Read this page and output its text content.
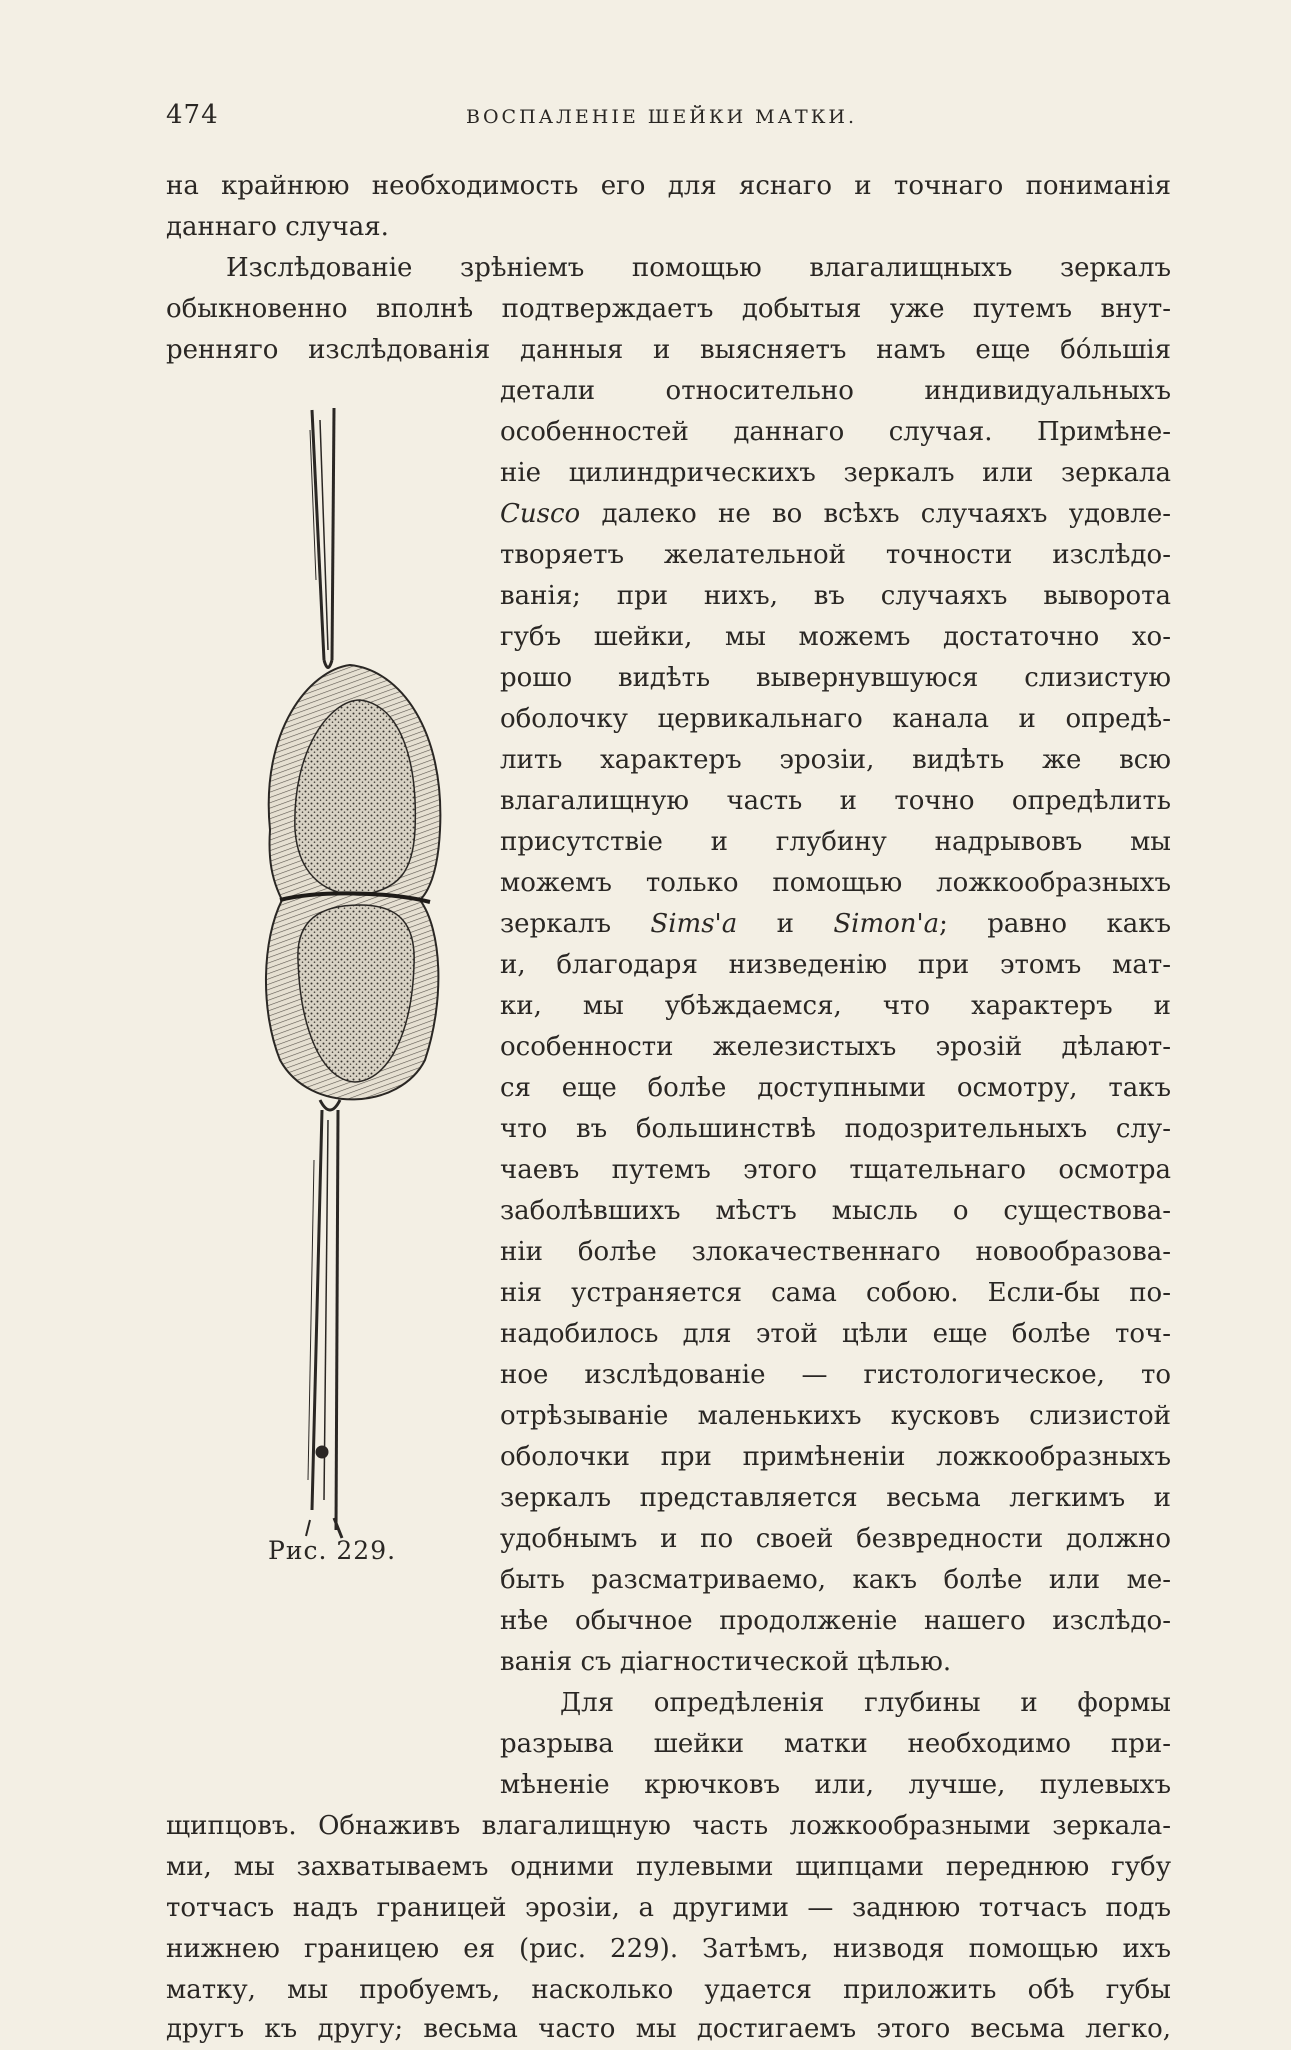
474	ВОСПАЛЕНІЕ ШЕЙКИ МАТКИ.
на крайнюю необходимость его для яснаго и точнаго пониманія
даннаго случая.
Изслѣдованіе зрѣніемъ помощью влагалищныхъ зеркалъ
обыкновенно вполнѣ подтверждаетъ добытыя уже путемъ внут-
ренняго изслѣдованія данныя и выясняетъ намъ еще бóльшія
детали относительно индивидуальныхъ
особенностей даннаго случая. Примѣне-
ніе цилиндрическихъ зеркалъ или зеркала
Cusco далеко не во всѣхъ случаяхъ удовле-
творяетъ желательной точности изслѣдо-
ванія; при нихъ, въ случаяхъ выворота
губъ шейки, мы можемъ достаточно хо-
рошо видѣть вывернувшуюся слизистую
оболочку цервикальнаго канала и опредѣ-
лить характеръ эрозіи, видѣть же всю
влагалищную часть и точно опредѣлить
присутствіе и глубину надрывовъ мы
можемъ только помощью ложкообразныхъ
зеркалъ Sims'a и Simon'a; равно какъ
и, благодаря низведенію при этомъ мат-
ки, мы убѣждаемся, что характеръ и
особенности железистыхъ эрозій дѣлают-
ся еще болѣе доступными осмотру, такъ
что въ большинствѣ подозрительныхъ слу-
чаевъ путемъ этого тщательнаго осмотра
заболѣвшихъ мѣстъ мысль о существова-
ніи болѣе злокачественнаго новообразова-
нія устраняется сама собою. Если-бы по-
надобилось для этой цѣли еще болѣе точ-
ное изслѣдованіе — гистологическое, то
отрѣзываніе маленькихъ кусковъ слизистой
оболочки при примѣненіи ложкообразныхъ
зеркалъ представляется весьма легкимъ и
удобнымъ и по своей безвредности должно
быть разсматриваемо, какъ болѣе или ме-
нѣе обычное продолженіе нашего изслѣдо-
ванія съ діагностической цѣлью.
Для опредѣленія глубины и формы
разрыва шейки матки необходимо при-
мѣненіе крючковъ или, лучше, пулевыхъ
щипцовъ. Обнаживъ влагалищную часть ложкообразными зеркала-
ми, мы захватываемъ одними пулевыми щипцами переднюю губу
тотчасъ надъ границей эрозіи, а другими — заднюю тотчасъ подъ
нижнею границею ея (рис. 229). Затѣмъ, низводя помощью ихъ
матку, мы пробуемъ, насколько удается приложить обѣ губы
другъ къ другу; весьма часто мы достигаемъ этого весьма легко,
Рис. 229.
